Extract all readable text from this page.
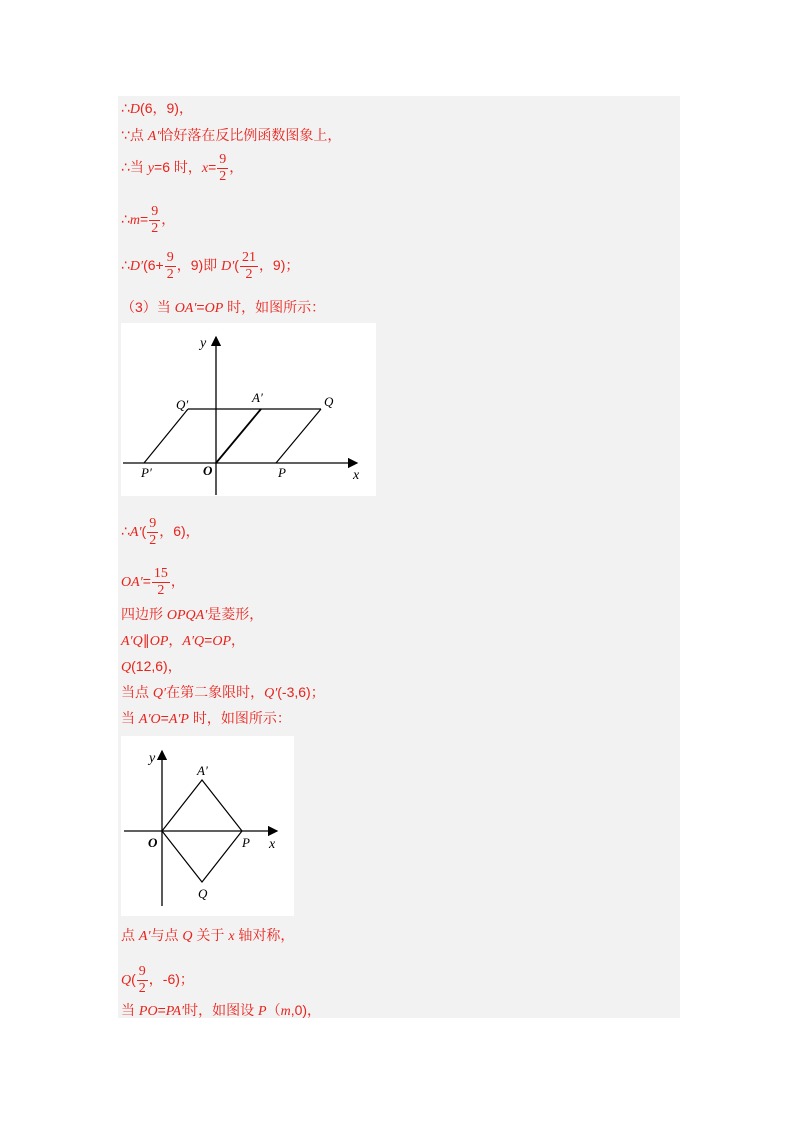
∴D(6，9)，
∵点 A′恰好落在反比例函数图象上，
∴当 y=6 时，$x= \frac{9}{2}$ ，
∴m= $\frac{9}{2}$ ，
∴D′(6+ $\frac{9}{2}$ ，9)即 $D'( \frac{21}{2}$ ，9)；
（3）当 OA′=OP 时，如图所示：
y
x
O	P
P′
Q
Q′	A′
∴A′( $\frac{9}{2}$ ，6)，
$OA'= \frac{15}{2}$ ，
四边形 OPQA′是菱形，
A′Q∥OP，A′Q=OP，
Q(12,6)，
当点 Q′在第二象限时，Q′(-3,6)；
当 A′O=A′P 时，如图所示：
y
x
O	P
Q
A′
点 A′与点 Q 关于 x 轴对称，
$Q( \frac{9}{2}$ ，-6)；
当 PO=PA′时，如图设 P（m,0)，
